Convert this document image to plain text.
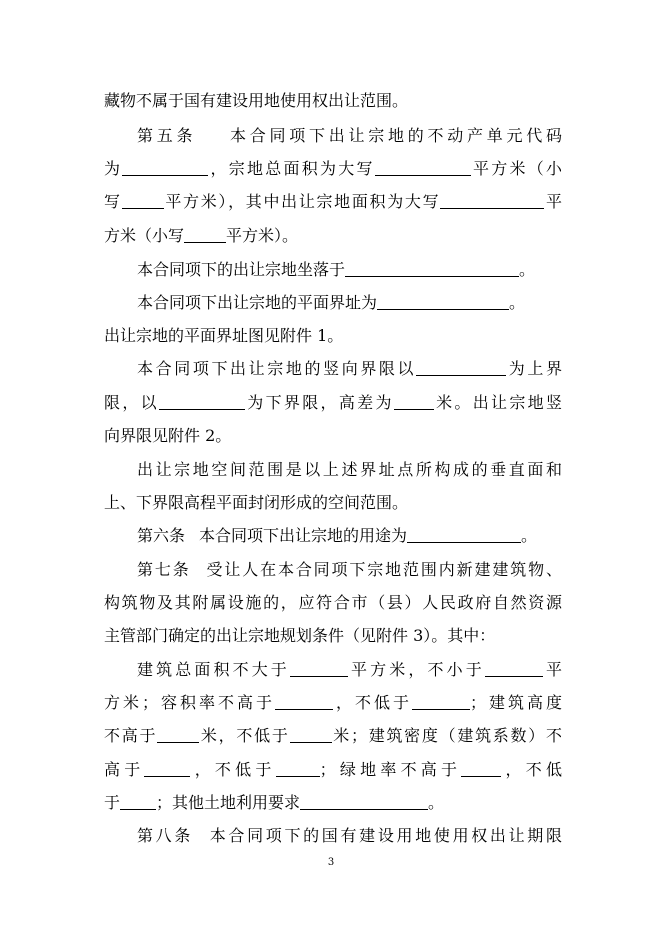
藏物不属于国有建设用地使用权出让范围。
第五条 本合同项下出让宗地的不动产单元代码
为	，宗地总面积为大写	平方米（小
写	平方米），其中出让宗地面积为大写	平
方米（小写	平方米）。
本合同项下的出让宗地坐落于	。
本合同项下出让宗地的平面界址为	。
出让宗地的平面界址图见附件 1。
本合同项下出让宗地的竖向界限以	为上界
限，以	为下界限，高差为	米。出让宗地竖
向界限见附件 2。
出让宗地空间范围是以上述界址点所构成的垂直面和
上、下界限高程平面封闭形成的空间范围。
第六条 本合同项下出让宗地的用途为	。
第七条 受让人在本合同项下宗地范围内新建建筑物、
构筑物及其附属设施的，应符合市（县）人民政府自然资源
主管部门确定的出让宗地规划条件（见附件 3）。其中：
建筑总面积不大于	平方米，不小于	平
方米；容积率不高于	，不低于	；建筑高度
不高于	米，不低于	米；建筑密度（建筑系数）不
高于	，不低于	；绿地率不高于	，不低
于 ；其他土地利用要求	。
第八条 本合同项下的国有建设用地使用权出让期限
3
